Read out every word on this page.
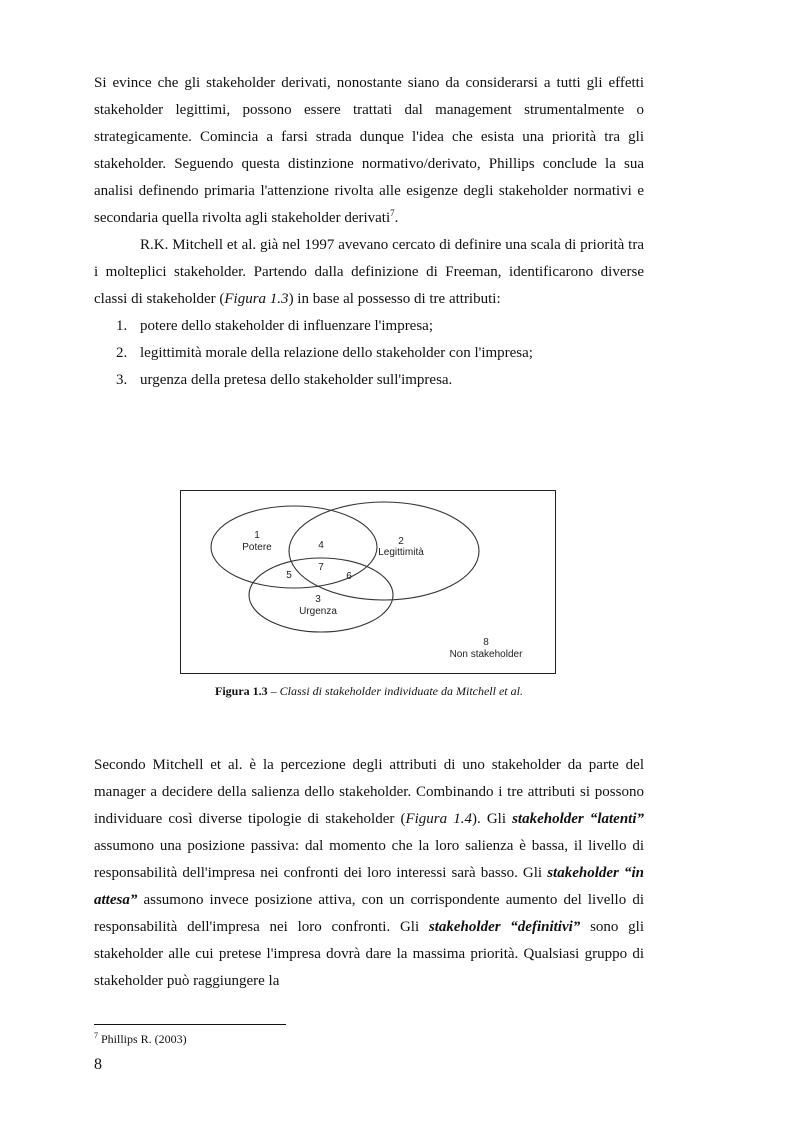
Si evince che gli stakeholder derivati, nonostante siano da considerarsi a tutti gli effetti stakeholder legittimi, possono essere trattati dal management strumentalmente o strategicamente. Comincia a farsi strada dunque l'idea che esista una priorità tra gli stakeholder. Seguendo questa distinzione normativo/derivato, Phillips conclude la sua analisi definendo primaria l'attenzione rivolta alle esigenze degli stakeholder normativi e secondaria quella rivolta agli stakeholder derivati$^7$.

R.K. Mitchell et al. già nel 1997 avevano cercato di definire una scala di priorità tra i molteplici stakeholder. Partendo dalla definizione di Freeman, identificarono diverse classi di stakeholder (Figura 1.3) in base al possesso di tre attributi:

1. potere dello stakeholder di influenzare l'impresa;
2. legittimità morale della relazione dello stakeholder con l'impresa;
3. urgenza della pretesa dello stakeholder sull'impresa.
1
Potere
2
Legittimità
4
7
5	6
3
Urgenza
8
Non stakeholder
Figura 1.3 – Classi di stakeholder individuate da Mitchell et al.

Secondo Mitchell et al. è la percezione degli attributi di uno stakeholder da parte del manager a decidere della salienza dello stakeholder. Combinando i tre attributi si possono individuare così diverse tipologie di stakeholder (Figura 1.4). Gli stakeholder “latenti” assumono una posizione passiva: dal momento che la loro salienza è bassa, il livello di responsabilità dell'impresa nei confronti dei loro interessi sarà basso. Gli stakeholder “in attesa” assumono invece posizione attiva, con un corrispondente aumento del livello di responsabilità dell'impresa nei loro confronti. Gli stakeholder “definitivi” sono gli stakeholder alle cui pretese l'impresa dovrà dare la massima priorità. Qualsiasi gruppo di stakeholder può raggiungere la

$^7$ Phillips R. (2003)
8
